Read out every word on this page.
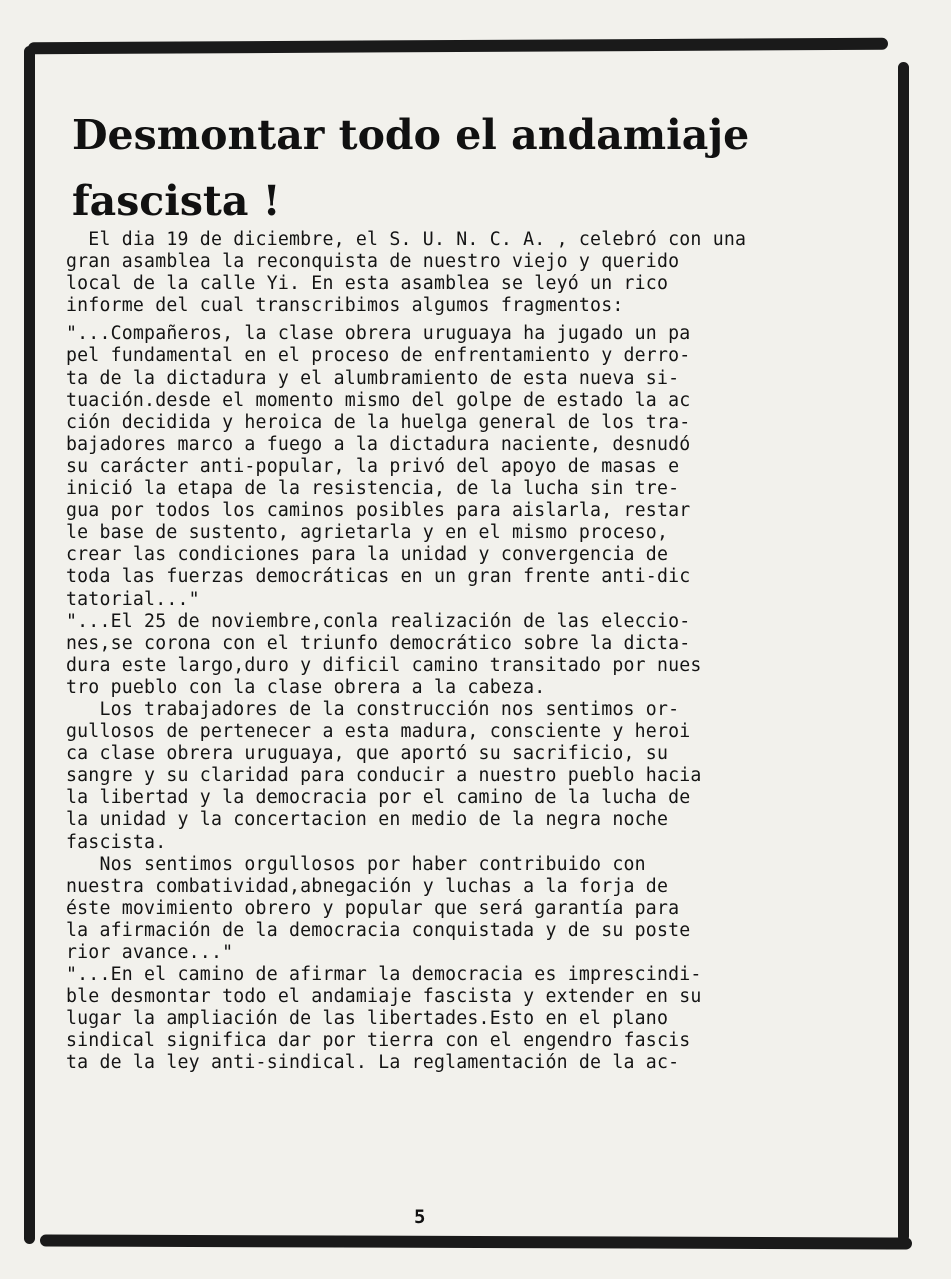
Desmontar todo el andamiaje
fascista !
El dia 19 de diciembre, el S. U. N. C. A. , celebró con una
gran asamblea la reconquista de nuestro viejo y querido
local de la calle Yi. En esta asamblea se leyó un rico
informe del cual transcribimos algumos fragmentos:
"...Compañeros, la clase obrera uruguaya ha jugado un pa
pel fundamental en el proceso de enfrentamiento y derro-
ta de la dictadura y el alumbramiento de esta nueva si-
tuación.desde el momento mismo del golpe de estado la ac
ción decidida y heroica de la huelga general de los tra-
bajadores marco a fuego a la dictadura naciente, desnudó
su carácter anti-popular, la privó del apoyo de masas e
inició la etapa de la resistencia, de la lucha sin tre-
gua por todos los caminos posibles para aislarla, restar
le base de sustento, agrietarla y en el mismo proceso,
crear las condiciones para la unidad y convergencia de
toda las fuerzas democráticas en un gran frente anti-dic
tatorial..."
"...El 25 de noviembre,conla realización de las eleccio-
nes,se corona con el triunfo democrático sobre la dicta-
dura este largo,duro y dificil camino transitado por nues
tro pueblo con la clase obrera a la cabeza.
Los trabajadores de la construcción nos sentimos or-
gullosos de pertenecer a esta madura, consciente y heroi
ca clase obrera uruguaya, que aportó su sacrificio, su
sangre y su claridad para conducir a nuestro pueblo hacia
la libertad y la democracia por el camino de la lucha de
la unidad y la concertacion en medio de la negra noche
fascista.
Nos sentimos orgullosos por haber contribuido con
nuestra combatividad,abnegación y luchas a la forja de
éste movimiento obrero y popular que será garantía para
la afirmación de la democracia conquistada y de su poste
rior avance..."
"...En el camino de afirmar la democracia es imprescindi-
ble desmontar todo el andamiaje fascista y extender en su
lugar la ampliación de las libertades.Esto en el plano
sindical significa dar por tierra con el engendro fascis
ta de la ley anti-sindical. La reglamentación de la ac-
5
